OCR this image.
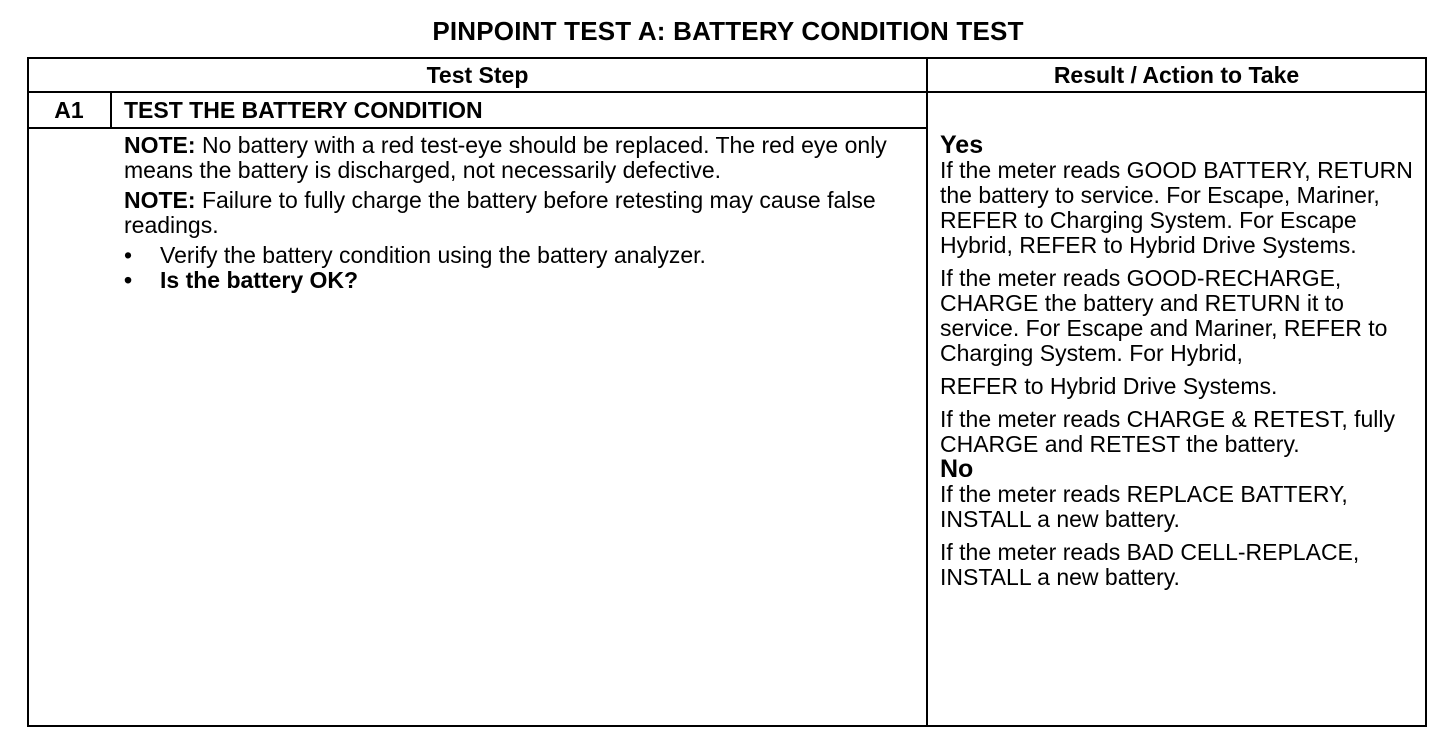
PINPOINT TEST A: BATTERY CONDITION TEST
Test Step	Result / Action to Take
A1	TEST THE BATTERY CONDITION

NOTE: No battery with a red test-eye should be replaced. The red eye only means the battery is discharged, not necessarily defective.

NOTE: Failure to fully charge the battery before retesting may cause false readings.

• Verify the battery condition using the battery analyzer.
• Is the battery OK?
Yes

If the meter reads GOOD BATTERY, RETURN the battery to service. For Escape, Mariner, REFER to Charging System. For Escape Hybrid, REFER to Hybrid Drive Systems.

If the meter reads GOOD-RECHARGE, CHARGE the battery and RETURN it to service. For Escape and Mariner, REFER to Charging System. For Hybrid,

REFER to Hybrid Drive Systems.

If the meter reads CHARGE & RETEST, fully CHARGE and RETEST the battery.

No

If the meter reads REPLACE BATTERY, INSTALL a new battery.

If the meter reads BAD CELL-REPLACE, INSTALL a new battery.
